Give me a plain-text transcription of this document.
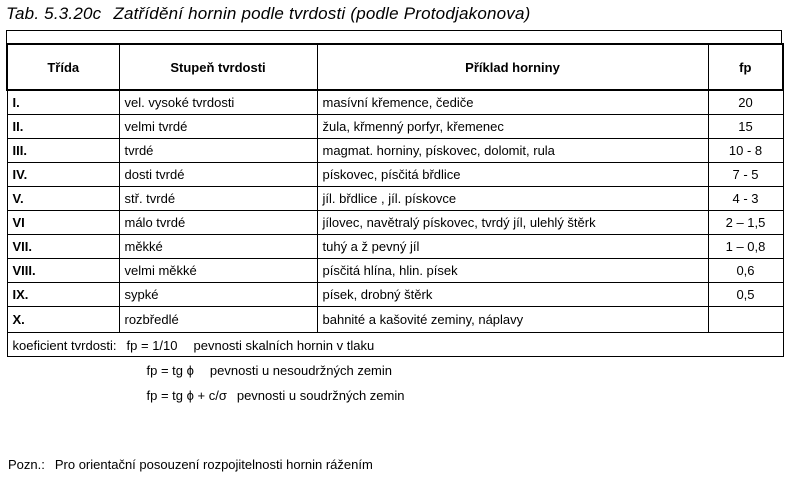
Tab. 5.3.20c Zatřídění hornin podle tvrdosti (podle Protodjakonova)
Třída	Stupeň tvrdosti	Příklad horniny	fp
I.	vel. vysoké tvrdosti	masívní křemence, čediče	20
II.	velmi tvrdé	žula, křmenný porfyr, křemenec	15
III.	tvrdé	magmat. horniny, pískovec, dolomit, rula	10 - 8
IV.	dosti tvrdé	pískovec, písčitá břdlice	7 - 5
V.	stř. tvrdé	jíl. břdlice , jíl. pískovce	4 - 3
VI	málo tvrdé	jílovec, navětralý pískovec, tvrdý jíl, ulehlý štěrk	2 – 1,5
VII.	měkké	tuhý a ž pevný jíl	1 – 0,8
VIII.	velmi měkké	písčitá hlína, hlin. písek	0,6
IX.	sypké	písek, drobný štěrk	0,5
X.	rozbředlé	bahnité a kašovité zeminy, náplavy	

koeficient tvrdosti: fp = 1/10 pevnosti skalních hornin v tlaku
fp = tg ϕ pevnosti u nesoudržných zemin
fp = tg ϕ + c/σ pevnosti u soudržných zemin			
Pozn.: Pro orientační posouzení rozpojitelnosti hornin rážením
